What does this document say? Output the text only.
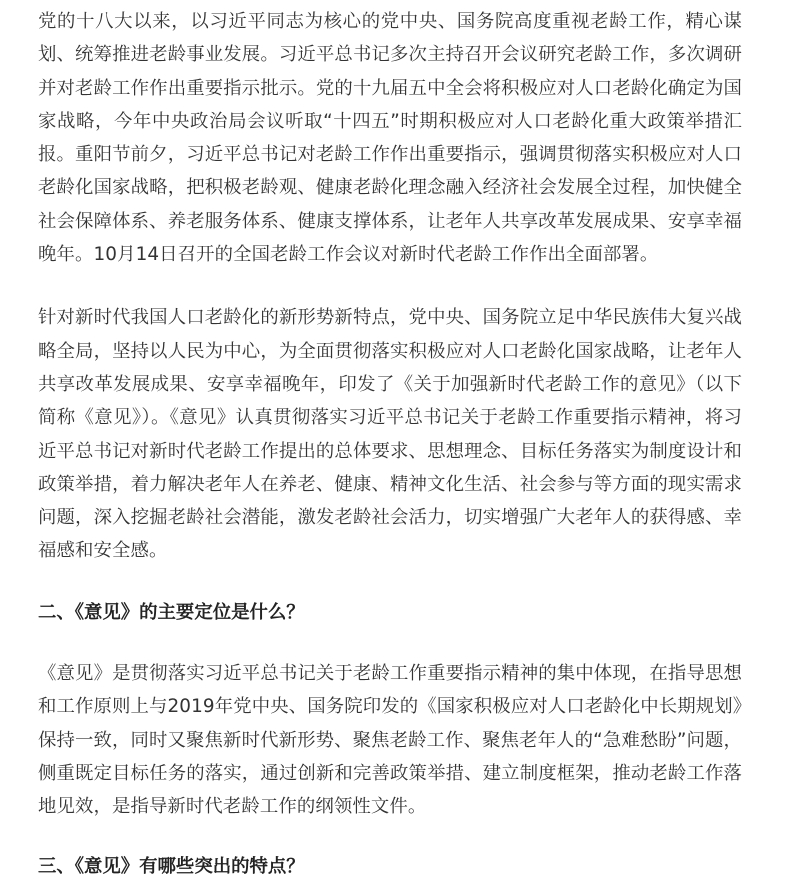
党的十八大以来，以习近平同志为核心的党中央、国务院高度重视老龄工作，精心谋划、统筹推进老龄事业发展。习近平总书记多次主持召开会议研究老龄工作，多次调研并对老龄工作作出重要指示批示。党的十九届五中全会将积极应对人口老龄化确定为国家战略，今年中央政治局会议听取“十四五”时期积极应对人口老龄化重大政策举措汇报。重阳节前夕，习近平总书记对老龄工作作出重要指示，强调贯彻落实积极应对人口老龄化国家战略，把积极老龄观、健康老龄化理念融入经济社会发展全过程，加快健全社会保障体系、养老服务体系、健康支撑体系，让老年人共享改革发展成果、安享幸福晚年。10月14日召开的全国老龄工作会议对新时代老龄工作作出全面部署。

针对新时代我国人口老龄化的新形势新特点，党中央、国务院立足中华民族伟大复兴战略全局，坚持以人民为中心，为全面贯彻落实积极应对人口老龄化国家战略，让老年人共享改革发展成果、安享幸福晚年，印发了《关于加强新时代老龄工作的意见》（以下简称《意见》）。《意见》认真贯彻落实习近平总书记关于老龄工作重要指示精神，将习近平总书记对新时代老龄工作提出的总体要求、思想理念、目标任务落实为制度设计和政策举措，着力解决老年人在养老、健康、精神文化生活、社会参与等方面的现实需求问题，深入挖掘老龄社会潜能，激发老龄社会活力，切实增强广大老年人的获得感、幸福感和安全感。

二、《意见》的主要定位是什么？

《意见》是贯彻落实习近平总书记关于老龄工作重要指示精神的集中体现，在指导思想和工作原则上与2019年党中央、国务院印发的《国家积极应对人口老龄化中长期规划》保持一致，同时又聚焦新时代新形势、聚焦老龄工作、聚焦老年人的“急难愁盼”问题，侧重既定目标任务的落实，通过创新和完善政策举措、建立制度框架，推动老龄工作落地见效，是指导新时代老龄工作的纲领性文件。

三、《意见》有哪些突出的特点？
